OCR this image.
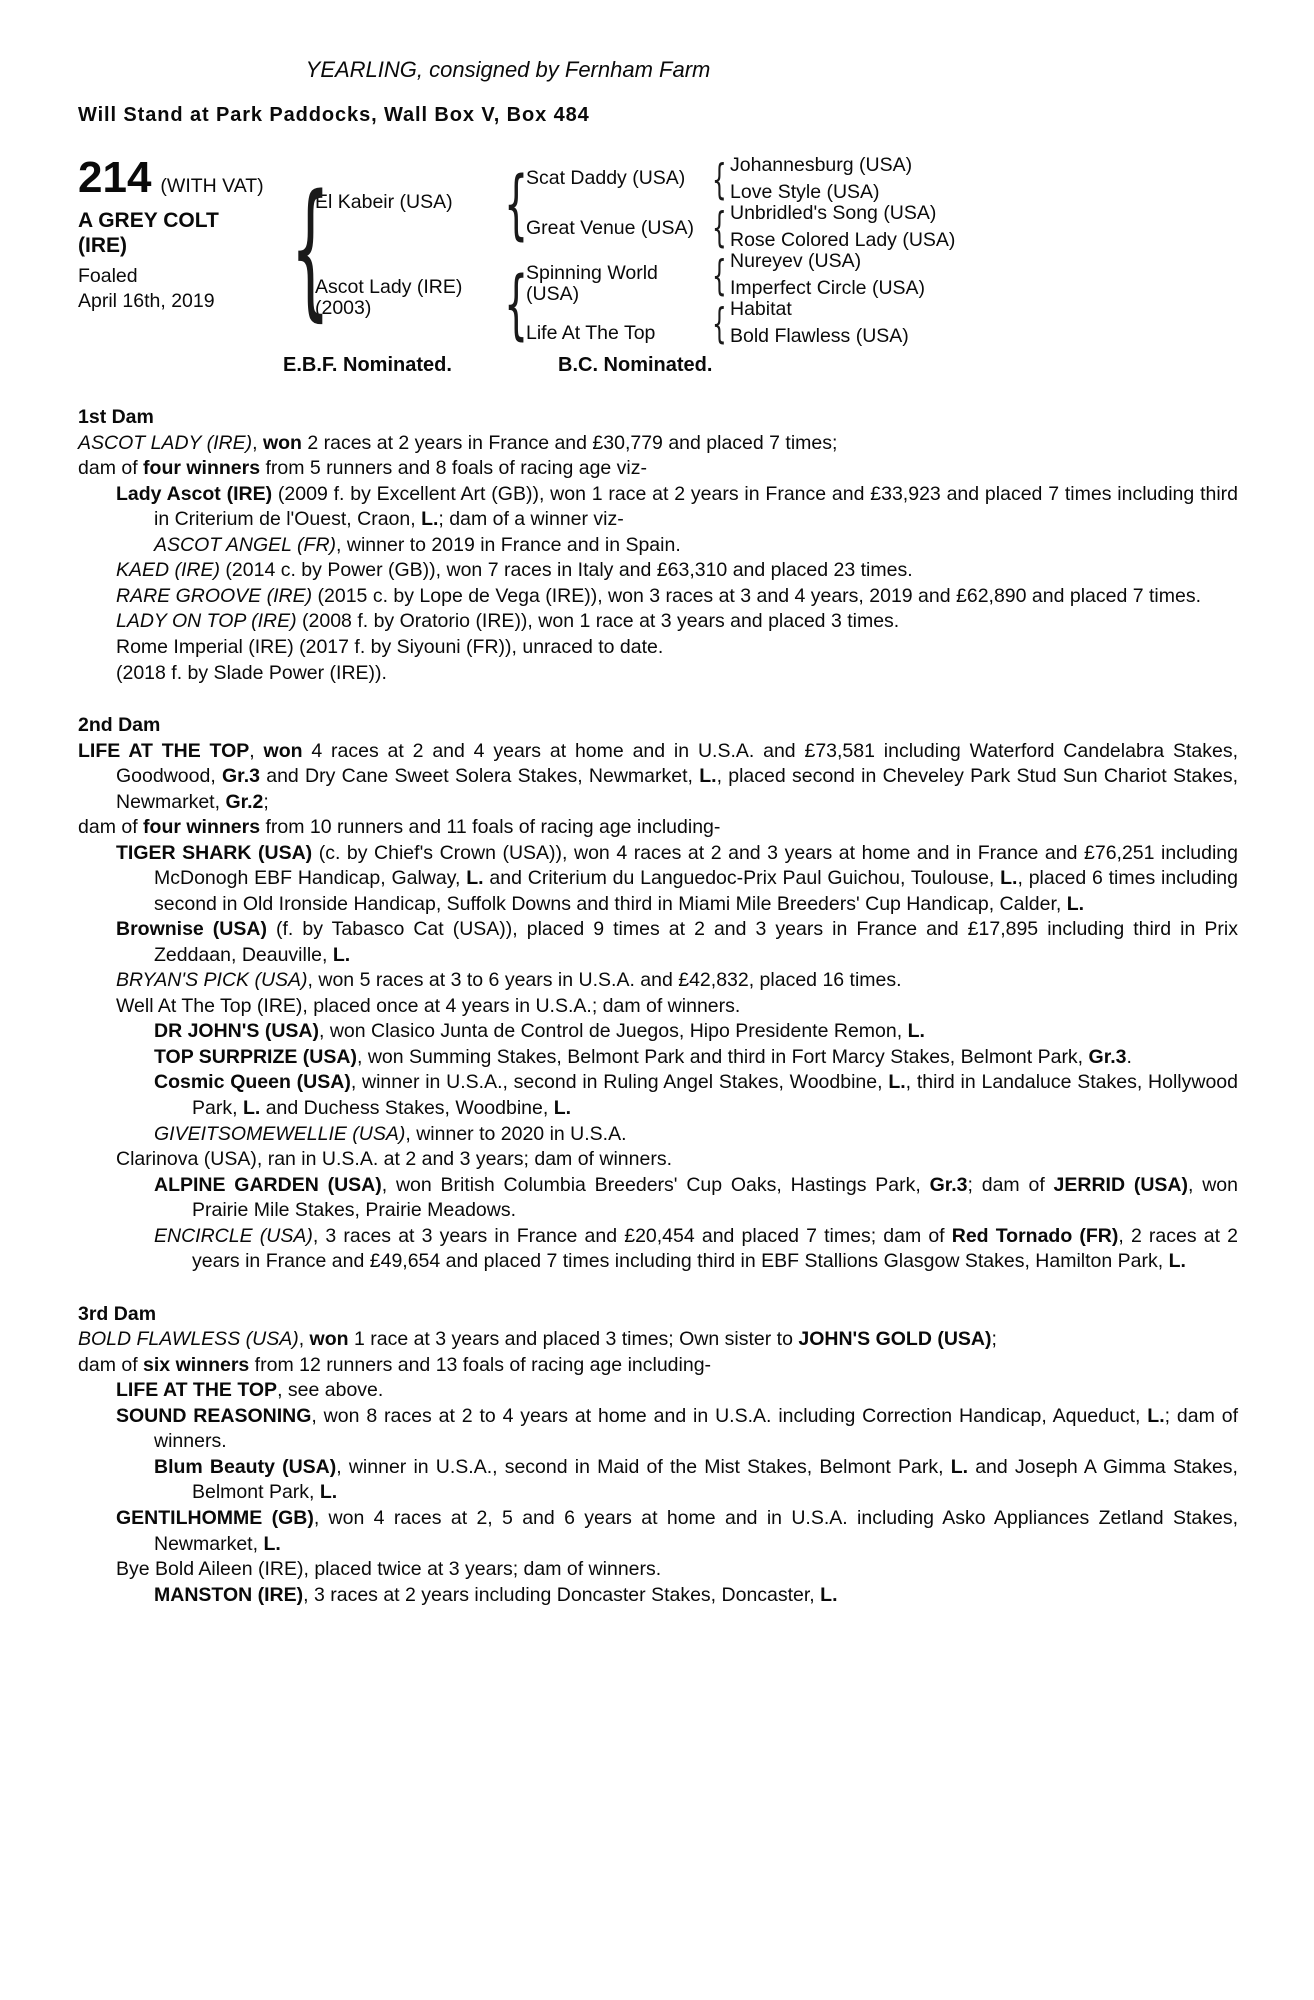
YEARLING, consigned by Fernham Farm
Will Stand at Park Paddocks, Wall Box V, Box 484
214 (WITH VAT)
A GREY COLT
(IRE)
Foaled
April 16th, 2019 {
El Kabeir (USA)
Ascot Lady (IRE)
(2003)
{
Scat Daddy (USA)
Great Venue (USA)
{
Spinning World (USA)
Life At The Top
{ Johannesburg (USA)
Love Style (USA)
{ Unbridled's Song (USA)
Rose Colored Lady (USA)
{ Nureyev (USA)
Imperfect Circle (USA)
{ Habitat
Bold Flawless (USA)
E.B.F. Nominated.	B.C. Nominated.
1st Dam
ASCOT LADY (IRE), won 2 races at 2 years in France and £30,779 and placed 7 times;
dam of four winners from 5 runners and 8 foals of racing age viz-
Lady Ascot (IRE) (2009 f. by Excellent Art (GB)), won 1 race at 2 years in France and £33,923 and placed 7 times including third in Criterium de l'Ouest, Craon, L.; dam of a winner viz-
ASCOT ANGEL (FR), winner to 2019 in France and in Spain.
KAED (IRE) (2014 c. by Power (GB)), won 7 races in Italy and £63,310 and placed 23 times.
RARE GROOVE (IRE) (2015 c. by Lope de Vega (IRE)), won 3 races at 3 and 4 years, 2019 and £62,890 and placed 7 times.
LADY ON TOP (IRE) (2008 f. by Oratorio (IRE)), won 1 race at 3 years and placed 3 times.
Rome Imperial (IRE) (2017 f. by Siyouni (FR)), unraced to date.
(2018 f. by Slade Power (IRE)).
2nd Dam
LIFE AT THE TOP, won 4 races at 2 and 4 years at home and in U.S.A. and £73,581 including Waterford Candelabra Stakes, Goodwood, Gr.3 and Dry Cane Sweet Solera Stakes, Newmarket, L., placed second in Cheveley Park Stud Sun Chariot Stakes, Newmarket, Gr.2;
dam of four winners from 10 runners and 11 foals of racing age including-
TIGER SHARK (USA) (c. by Chief's Crown (USA)), won 4 races at 2 and 3 years at home and in France and £76,251 including McDonogh EBF Handicap, Galway, L. and Criterium du Languedoc-Prix Paul Guichou, Toulouse, L., placed 6 times including second in Old Ironside Handicap, Suffolk Downs and third in Miami Mile Breeders' Cup Handicap, Calder, L.
Brownise (USA) (f. by Tabasco Cat (USA)), placed 9 times at 2 and 3 years in France and £17,895 including third in Prix Zeddaan, Deauville, L.
BRYAN'S PICK (USA), won 5 races at 3 to 6 years in U.S.A. and £42,832, placed 16 times.
Well At The Top (IRE), placed once at 4 years in U.S.A.; dam of winners.
DR JOHN'S (USA), won Clasico Junta de Control de Juegos, Hipo Presidente Remon, L.
TOP SURPRIZE (USA), won Summing Stakes, Belmont Park and third in Fort Marcy Stakes, Belmont Park, Gr.3.
Cosmic Queen (USA), winner in U.S.A., second in Ruling Angel Stakes, Woodbine, L., third in Landaluce Stakes, Hollywood Park, L. and Duchess Stakes, Woodbine, L.
GIVEITSOMEWELLIE (USA), winner to 2020 in U.S.A.
Clarinova (USA), ran in U.S.A. at 2 and 3 years; dam of winners.
ALPINE GARDEN (USA), won British Columbia Breeders' Cup Oaks, Hastings Park, Gr.3; dam of JERRID (USA), won Prairie Mile Stakes, Prairie Meadows.
ENCIRCLE (USA), 3 races at 3 years in France and £20,454 and placed 7 times; dam of Red Tornado (FR), 2 races at 2 years in France and £49,654 and placed 7 times including third in EBF Stallions Glasgow Stakes, Hamilton Park, L.
3rd Dam
BOLD FLAWLESS (USA), won 1 race at 3 years and placed 3 times; Own sister to JOHN'S GOLD (USA);
dam of six winners from 12 runners and 13 foals of racing age including-
LIFE AT THE TOP, see above.
SOUND REASONING, won 8 races at 2 to 4 years at home and in U.S.A. including Correction Handicap, Aqueduct, L.; dam of winners.
Blum Beauty (USA), winner in U.S.A., second in Maid of the Mist Stakes, Belmont Park, L. and Joseph A Gimma Stakes, Belmont Park, L.
GENTILHOMME (GB), won 4 races at 2, 5 and 6 years at home and in U.S.A. including Asko Appliances Zetland Stakes, Newmarket, L.
Bye Bold Aileen (IRE), placed twice at 3 years; dam of winners.
MANSTON (IRE), 3 races at 2 years including Doncaster Stakes, Doncaster, L.
